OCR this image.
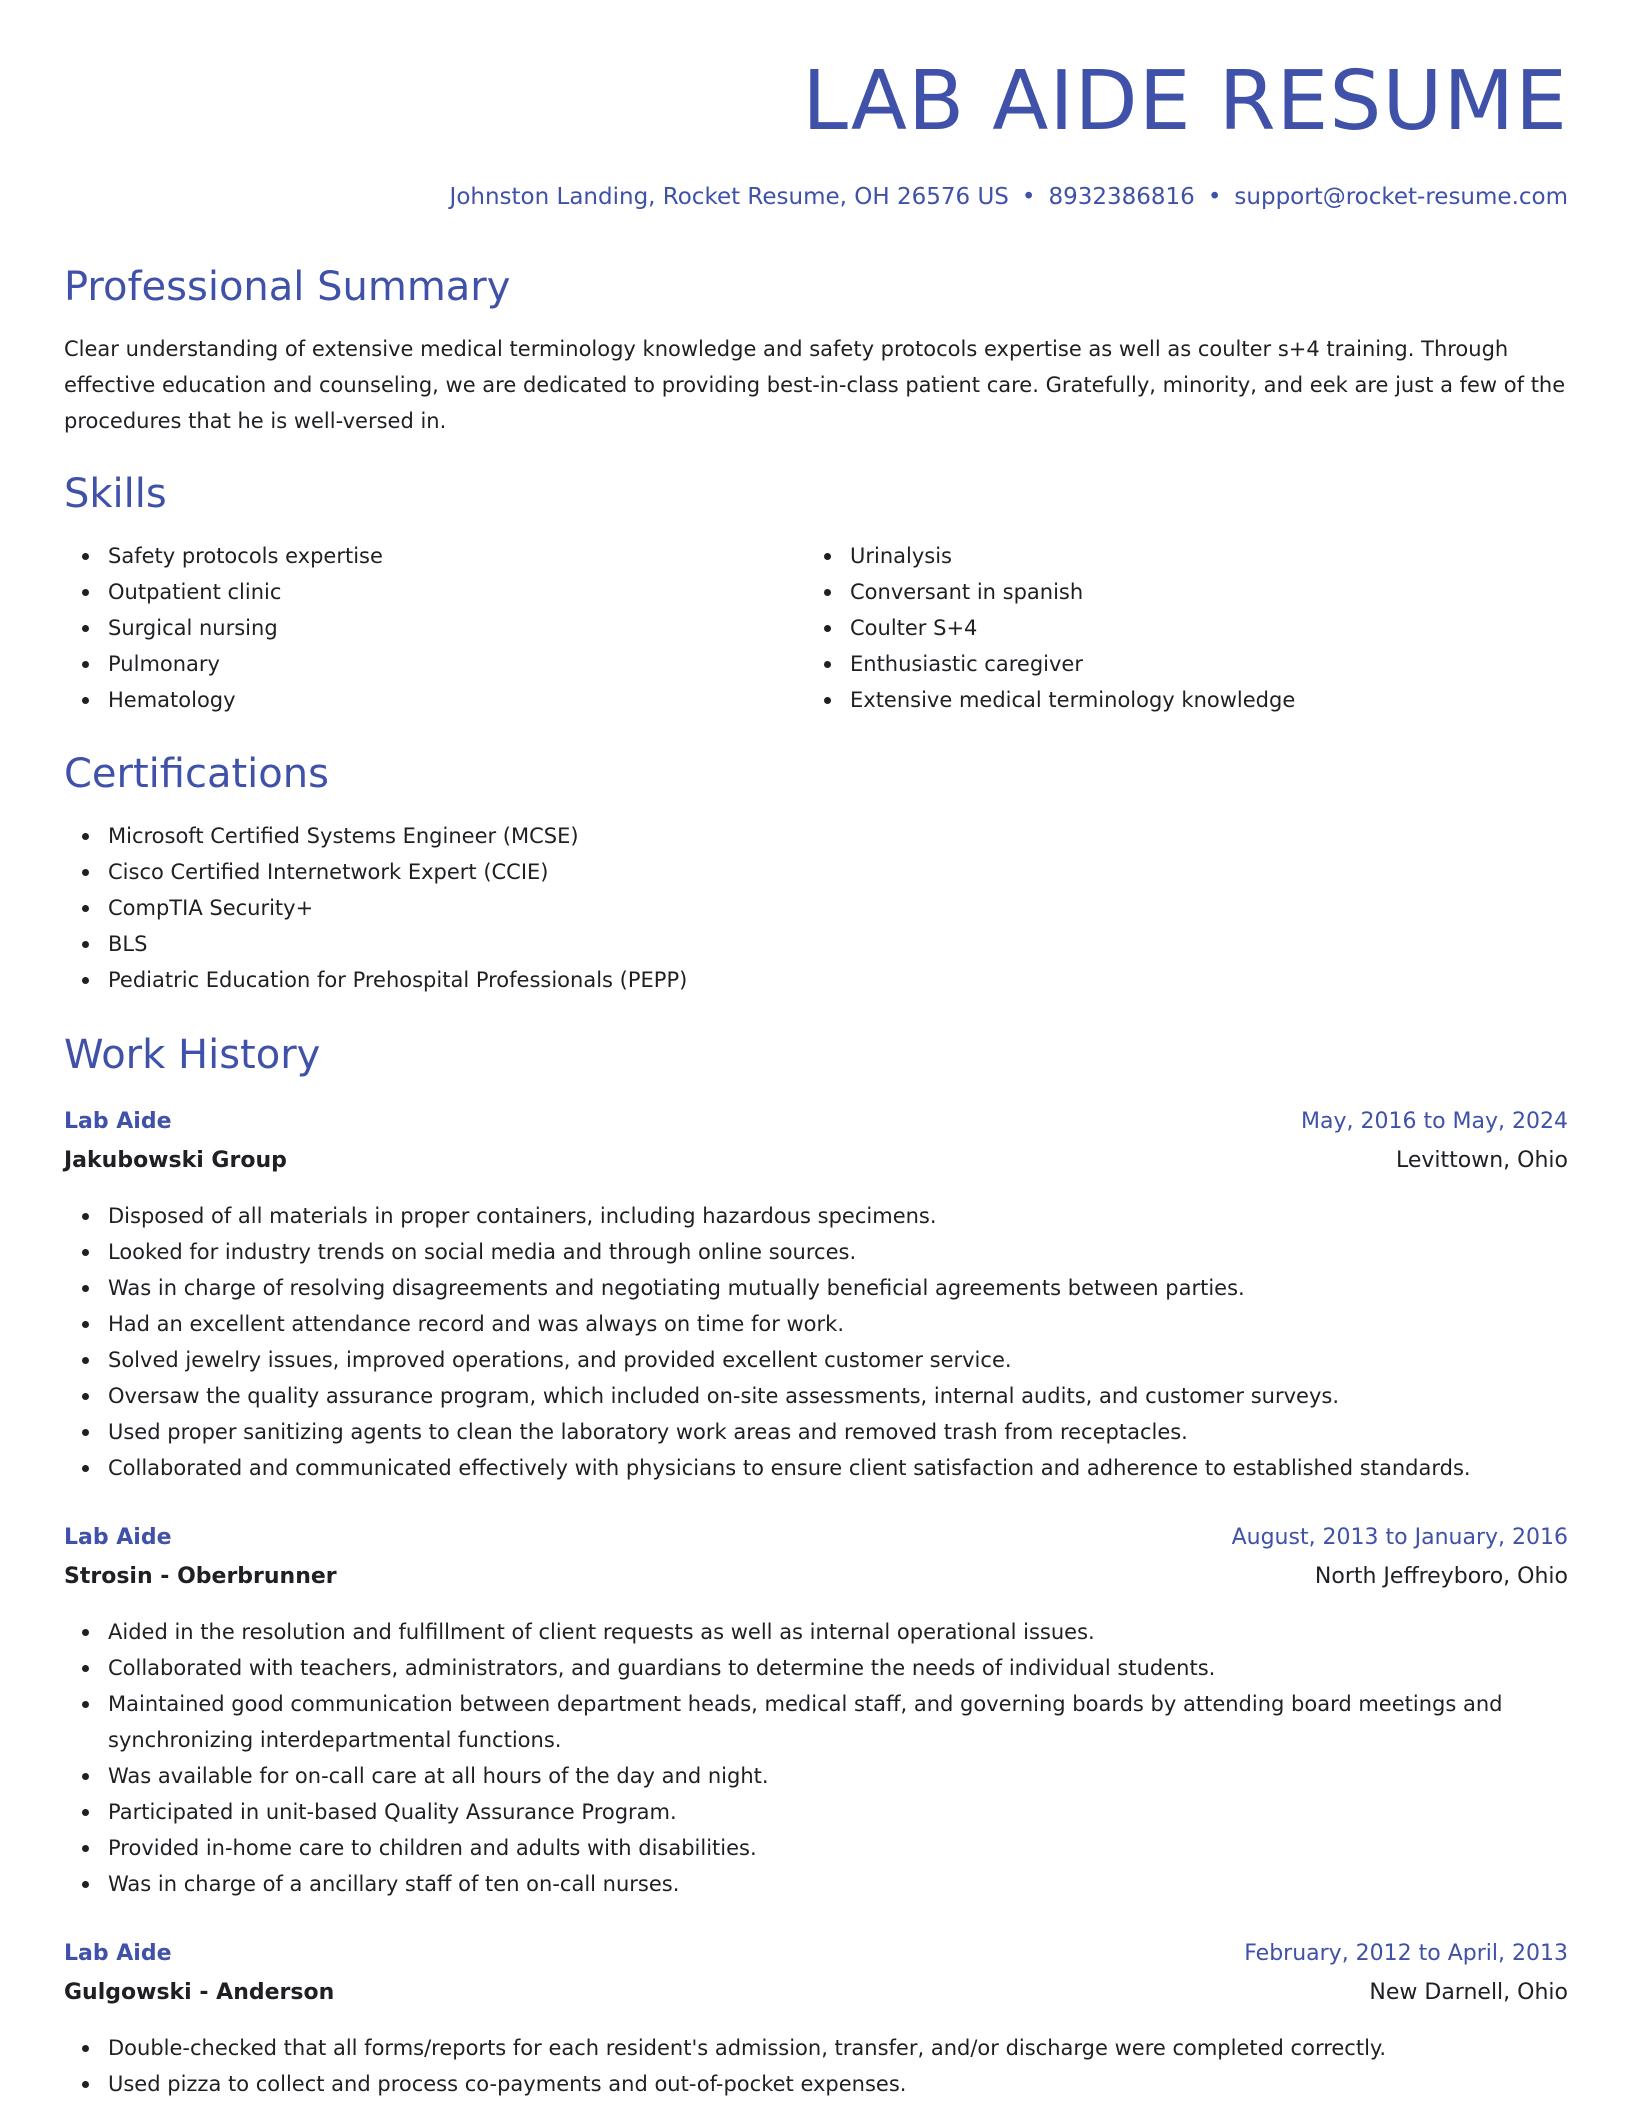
LAB AIDE RESUME
Johnston Landing, Rocket Resume, OH 26576 US • 8932386816 • support@rocket-resume.com
Professional Summary
Clear understanding of extensive medical terminology knowledge and safety protocols expertise as well as coulter s+4 training. Through effective education and counseling, we are dedicated to providing best-in-class patient care. Gratefully, minority, and eek are just a few of the procedures that he is well-versed in.
Skills
Safety protocols expertise
Outpatient clinic
Surgical nursing
Pulmonary
Hematology
Urinalysis
Conversant in spanish
Coulter S+4
Enthusiastic caregiver
Extensive medical terminology knowledge
Certifications
Microsoft Certified Systems Engineer (MCSE)
Cisco Certified Internetwork Expert (CCIE)
CompTIA Security+
BLS
Pediatric Education for Prehospital Professionals (PEPP)
Work History
Lab Aide	May, 2016 to May, 2024
Jakubowski Group	Levittown, Ohio
Disposed of all materials in proper containers, including hazardous specimens.
Looked for industry trends on social media and through online sources.
Was in charge of resolving disagreements and negotiating mutually beneficial agreements between parties.
Had an excellent attendance record and was always on time for work.
Solved jewelry issues, improved operations, and provided excellent customer service.
Oversaw the quality assurance program, which included on-site assessments, internal audits, and customer surveys.
Used proper sanitizing agents to clean the laboratory work areas and removed trash from receptacles.
Collaborated and communicated effectively with physicians to ensure client satisfaction and adherence to established standards.
Lab Aide	August, 2013 to January, 2016
Strosin - Oberbrunner	North Jeffreyboro, Ohio
Aided in the resolution and fulfillment of client requests as well as internal operational issues.
Collaborated with teachers, administrators, and guardians to determine the needs of individual students.
Maintained good communication between department heads, medical staff, and governing boards by attending board meetings and synchronizing interdepartmental functions.
Was available for on-call care at all hours of the day and night.
Participated in unit-based Quality Assurance Program.
Provided in-home care to children and adults with disabilities.
Was in charge of a ancillary staff of ten on-call nurses.
Lab Aide	February, 2012 to April, 2013
Gulgowski - Anderson	New Darnell, Ohio
Double-checked that all forms/reports for each resident's admission, transfer, and/or discharge were completed correctly.
Used pizza to collect and process co-payments and out-of-pocket expenses.
